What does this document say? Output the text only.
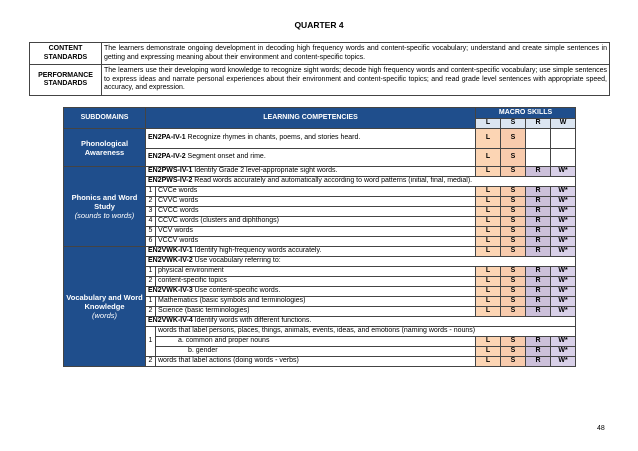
QUARTER 4
CONTENT STANDARDS	The learners demonstrate ongoing development in decoding high frequency words and content-specific vocabulary; understand and create simple sentences in getting and expressing meaning about their environment and content-specific topics.
PERFORMANCE STANDARDS	The learners use their developing word knowledge to recognize sight words; decode high frequency words and content-specific vocabulary; use simple sentences to express ideas and narrate personal experiences about their environment and content-specific topics; and read grade level sentences with appropriate speed, accuracy, and expression.
SUBDOMAINS	LEARNING COMPETENCIES		MACRO SKILLS			
			L	S	R	W
Phonological Awareness	EN2PA-IV-1 Recognize rhymes in chants, poems, and stories heard.		L	S		
	EN2PA-IV-2 Segment onset and rime.		L	S		

Phonics and Word Study
(sounds to words)	EN2PWS-IV-1 Identify Grade 2 level-appropriate sight words.		L	S	R	W*
	EN2PWS-IV-2 Read words accurately and automatically according to word patterns (initial, final, medial).					
	1	CVCe words	L	S	R	W*
	2	CVVC words	L	S	R	W*
	3	CVCC words	L	S	R	W*
	4	CCVC words (clusters and diphthongs)	L	S	R	W*
	5	VCV words	L	S	R	W*
	6	VCCV words	L	S	R	W*

Vocabulary and Word Knowledge
(words)	EN2VWK-IV-1 Identify high-frequency words accurately.		L	S	R	W*
	EN2VWK-IV-2 Use vocabulary referring to:					
	1	physical environment	L	S	R	W*
	2	content-specific topics	L	S	R	W*
	EN2VWK-IV-3 Use content-specific words.		L	S	R	W*
	1	Mathematics (basic symbols and terminologies)	L	S	R	W*
	2	Science (basic terminologies)	L	S	R	W*
	EN2VWK-IV-4 Identify words with different functions.					
	1	words that label persons, places, things, animals, events, ideas, and emotions (naming words - nouns)				
		a. common and proper nouns	L	S	R	W*
		b. gender	L	S	R	W*
	2	words that label actions (doing words - verbs)	L	S	R	W*
48
